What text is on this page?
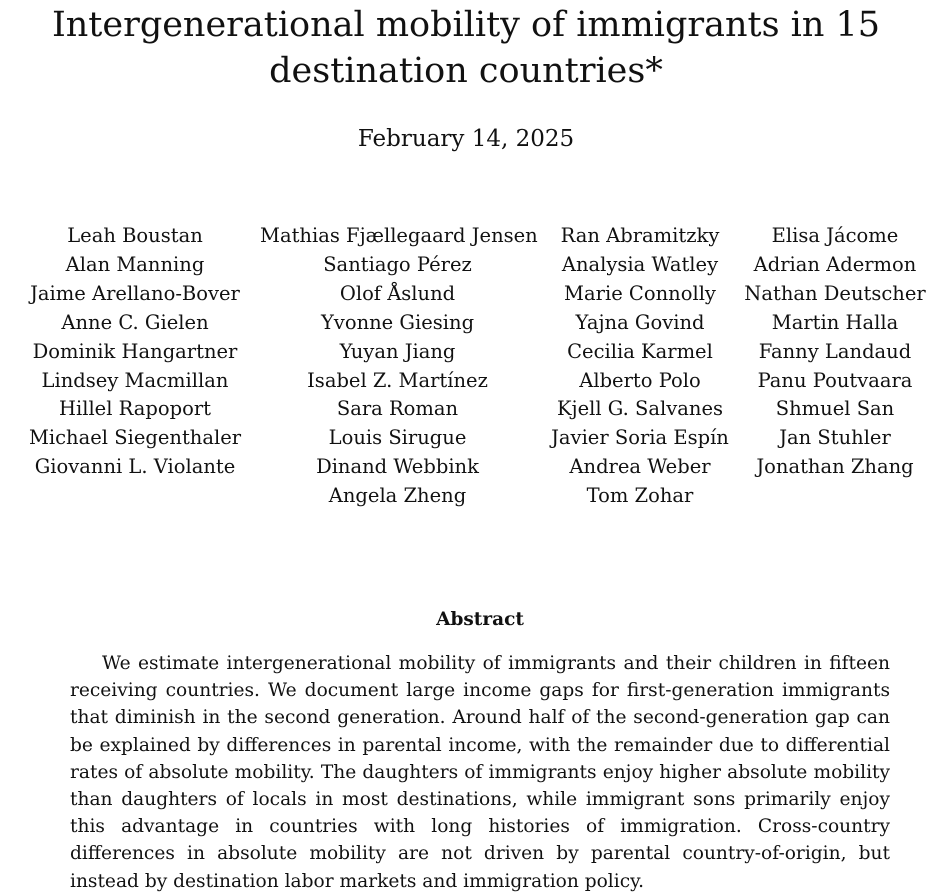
Intergenerational mobility of immigrants in 15 destination countries*
February 14, 2025
Leah Boustan
Alan Manning
Jaime Arellano-Bover
Anne C. Gielen
Dominik Hangartner
Lindsey Macmillan
Hillel Rapoport
Michael Siegenthaler
Giovanni L. Violante
Mathias Fjællegaard Jensen
Santiago Pérez
Olof Åslund
Yvonne Giesing
Yuyan Jiang
Isabel Z. Martínez
Sara Roman
Louis Sirugue
Dinand Webbink
Angela Zheng
Ran Abramitzky
Analysia Watley
Marie Connolly
Yajna Govind
Cecilia Karmel
Alberto Polo
Kjell G. Salvanes
Javier Soria Espín
Andrea Weber
Tom Zohar
Elisa Jácome
Adrian Adermon
Nathan Deutscher
Martin Halla
Fanny Landaud
Panu Poutvaara
Shmuel San
Jan Stuhler
Jonathan Zhang
Abstract

We estimate intergenerational mobility of immigrants and their children in fifteen receiving countries. We document large income gaps for first-generation immigrants that diminish in the second generation. Around half of the second-generation gap can be explained by differences in parental income, with the remainder due to differential rates of absolute mobility. The daughters of immigrants enjoy higher absolute mobility than daughters of locals in most destinations, while immigrant sons primarily enjoy this advantage in countries with long histories of immigration. Cross-country differences in absolute mobility are not driven by parental country-of-origin, but instead by destination labor markets and immigration policy.
